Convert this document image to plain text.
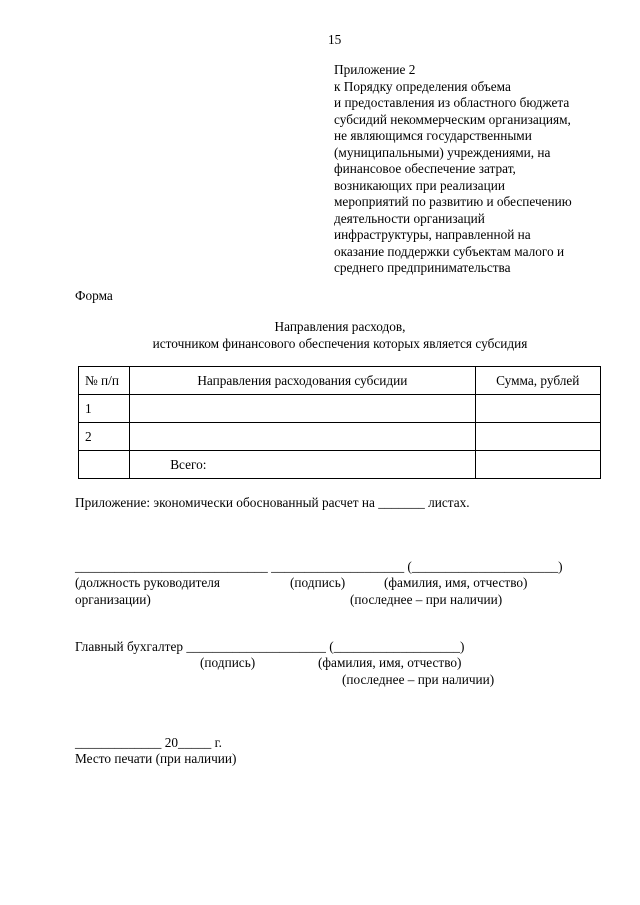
15
Приложение 2
к Порядку определения объема
и предоставления из областного бюджета
субсидий некоммерческим организациям,
не являющимся государственными
(муниципальными) учреждениями, на
финансовое обеспечение затрат,
возникающих при реализации
мероприятий по развитию и обеспечению
деятельности организаций
инфраструктуры, направленной на
оказание поддержки субъектам малого и
среднего предпринимательства
Форма
Направления расходов,
источником финансового обеспечения которых является субсидия
№ п/п	Направления расходования субсидии	Сумма, рублей
1		
2		
	Всего:	
Приложение: экономически обоснованный расчет на _______ листах.
_____________________________ ____________________ (______________________)
(должность руководителя	(подпись)	(фамилия, имя, отчество)
организации)	(последнее – при наличии)
Главный бухгалтер _____________________ (___________________)
(подпись)	(фамилия, имя, отчество)
(последнее – при наличии)
_____________ 20_____ г.
Место печати (при наличии)
